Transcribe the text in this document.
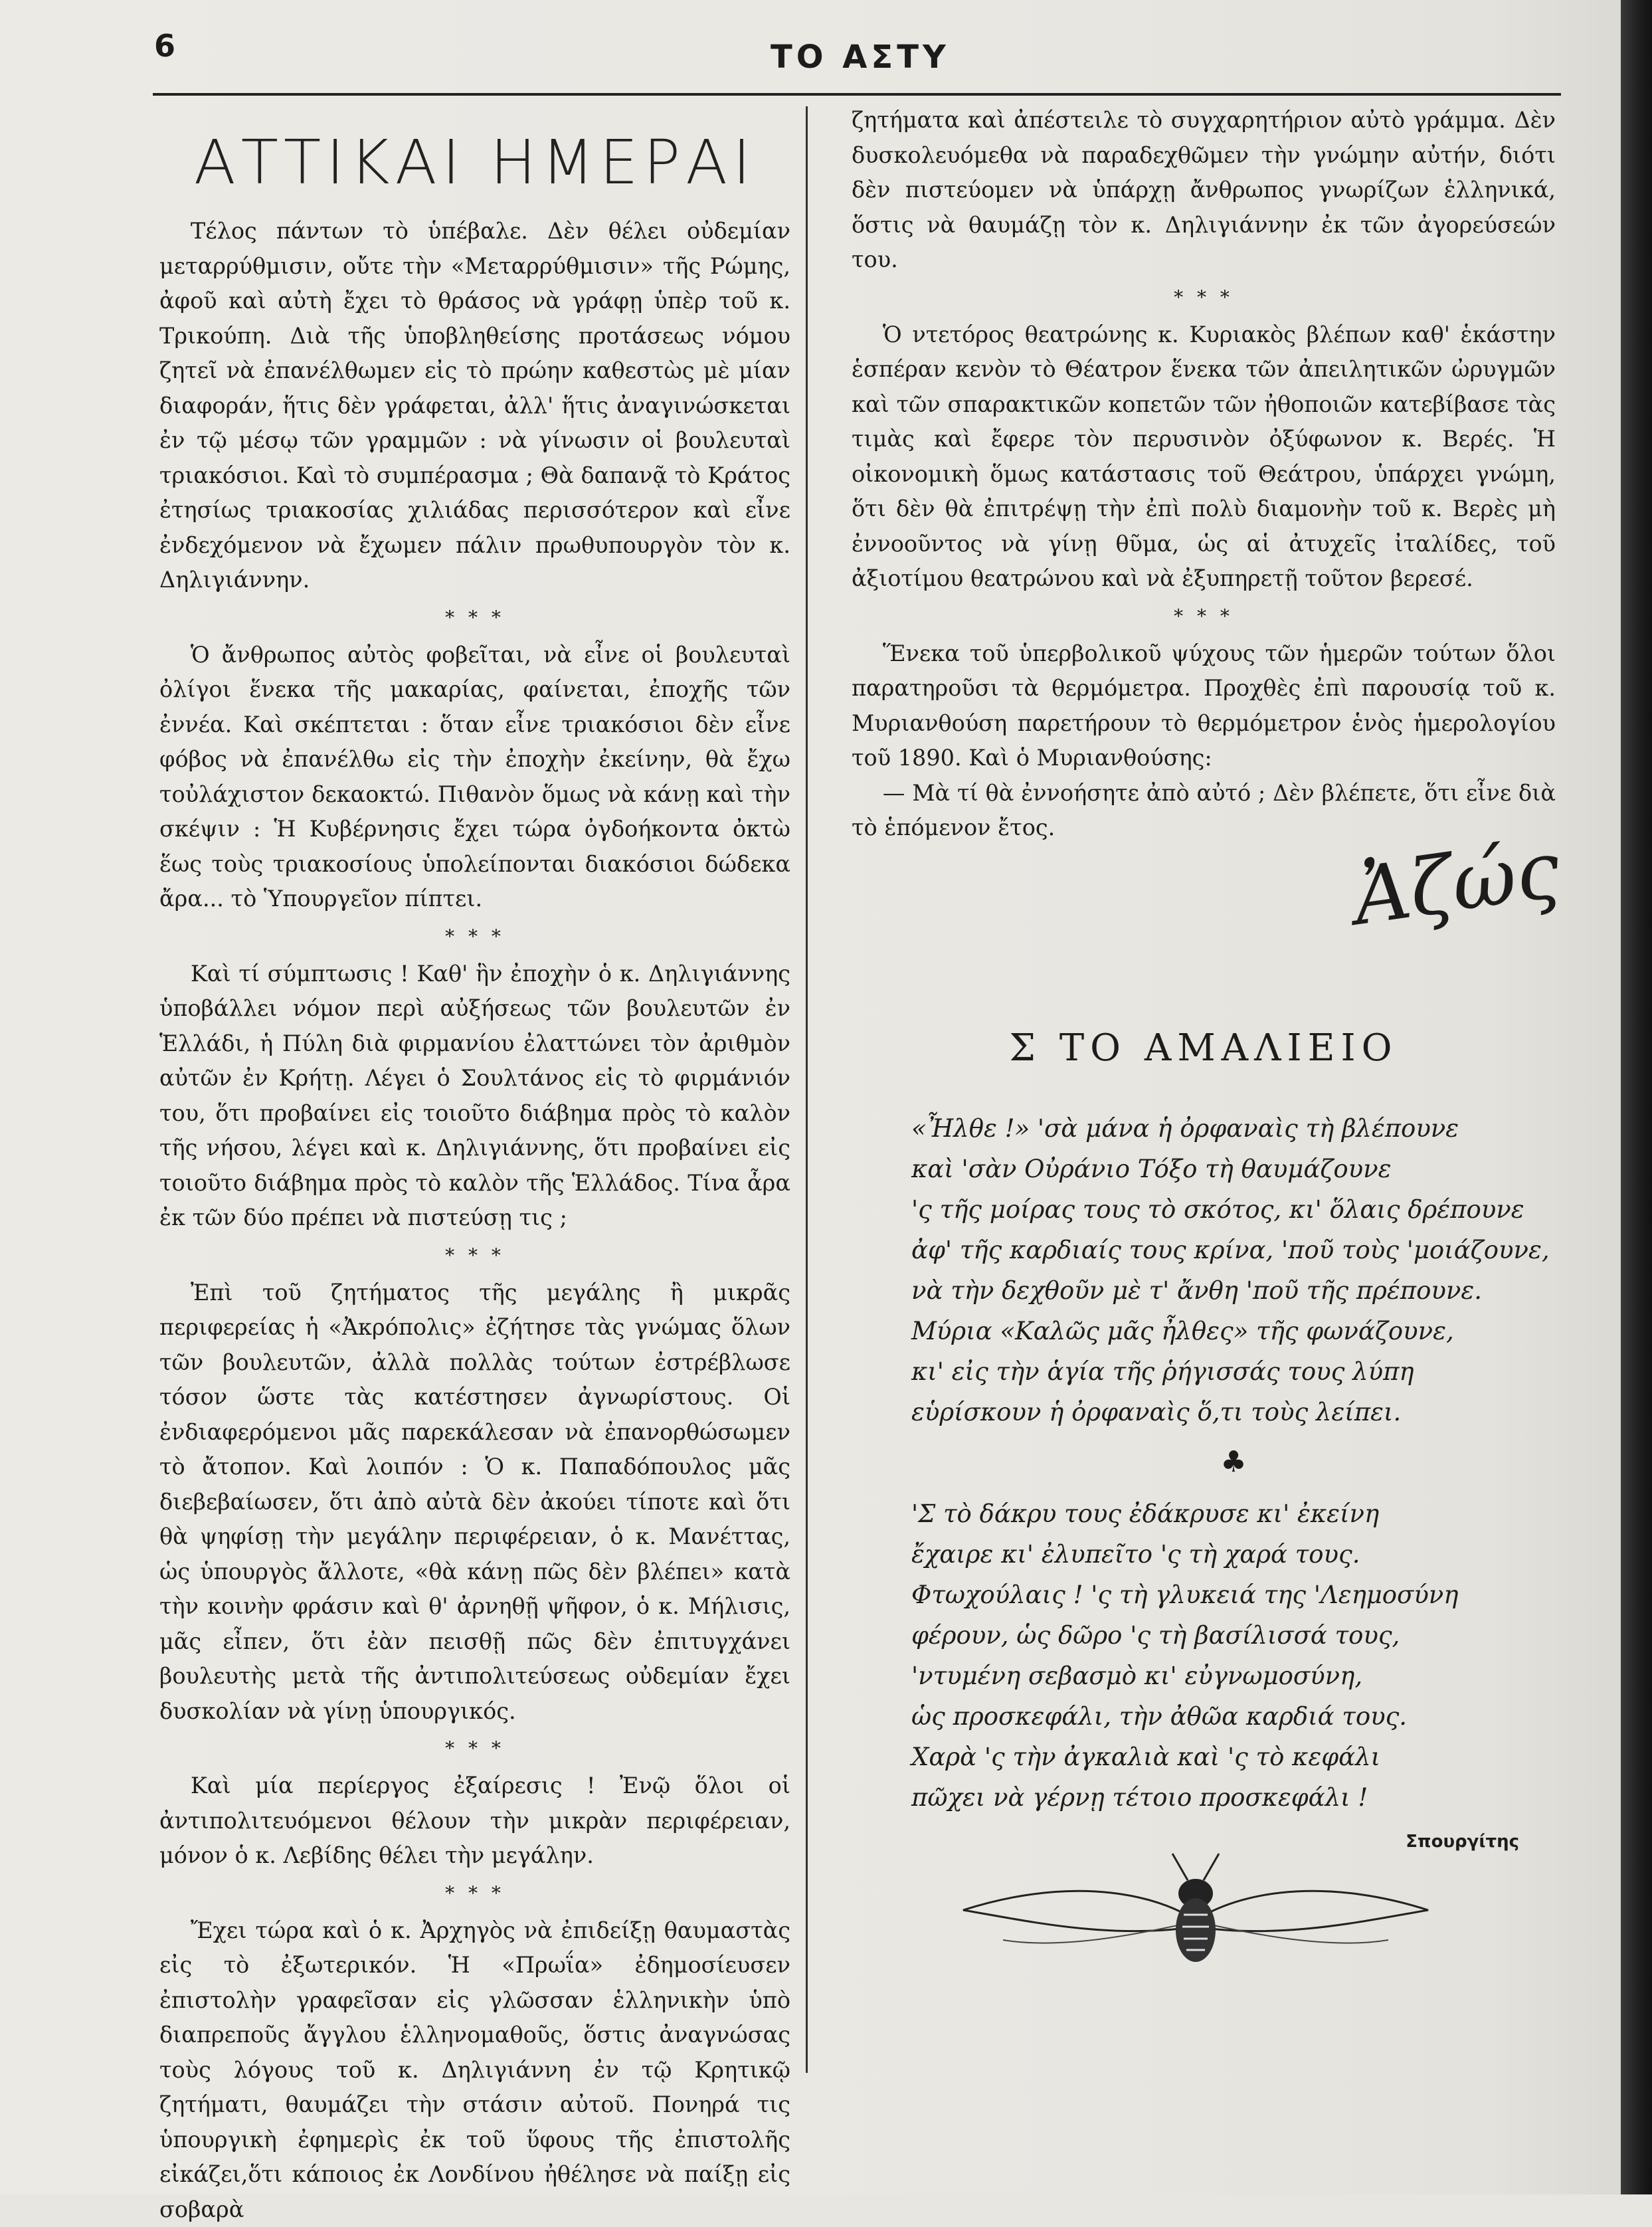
6	ΤΟ ΑΣΤΥ
ΑΤΤΙΚΑΙ ΗΜΕΡΑΙ

Τέλος πάντων τὸ ὑπέβαλε. Δὲν θέλει οὐδεμίαν μεταρρύθμισιν, οὔτε τὴν «Μεταρρύθμισιν» τῆς Ρώμης, ἀφοῦ καὶ αὐτὴ ἔχει τὸ θράσος νὰ γράφῃ ὑπὲρ τοῦ κ. Τρικούπη. Διὰ τῆς ὑποβληθείσης προτάσεως νόμου ζητεῖ νὰ ἐπανέλθωμεν εἰς τὸ πρώην καθεστὼς μὲ μίαν διαφοράν, ἥτις δὲν γράφεται, ἀλλ' ἥτις ἀναγινώσκεται ἐν τῷ μέσῳ τῶν γραμμῶν : νὰ γίνωσιν οἱ βουλευταὶ τριακόσιοι. Καὶ τὸ συμπέρασμα ; Θὰ δαπανᾷ τὸ Κράτος ἐτησίως τριακοσίας χιλιάδας περισσότερον καὶ εἶνε ἐνδεχόμενον νὰ ἔχωμεν πάλιν πρωθυπουργὸν τὸν κ. Δηλιγιάννην.

* * *

Ὁ ἄνθρωπος αὐτὸς φοβεῖται, νὰ εἶνε οἱ βουλευταὶ ὀλίγοι ἕνεκα τῆς μακαρίας, φαίνεται, ἐποχῆς τῶν ἐννέα. Καὶ σκέπτεται : ὅταν εἶνε τριακόσιοι δὲν εἶνε φόβος νὰ ἐπανέλθω εἰς τὴν ἐποχὴν ἐκείνην, θὰ ἔχω τοὐλάχιστον δεκαοκτώ. Πιθανὸν ὅμως νὰ κάνῃ καὶ τὴν σκέψιν : Ἡ Κυβέρνησις ἔχει τώρα ὀγδοήκοντα ὀκτὼ ἕως τοὺς τριακοσίους ὑπολείπονται διακόσιοι δώδεκα ἄρα... τὸ Ὑπουργεῖον πίπτει.

* * *

Καὶ τί σύμπτωσις ! Καθ' ἣν ἐποχὴν ὁ κ. Δηλιγιάννης ὑποβάλλει νόμον περὶ αὐξήσεως τῶν βουλευτῶν ἐν Ἑλλάδι, ἡ Πύλη διὰ φιρμανίου ἐλαττώνει τὸν ἀριθμὸν αὐτῶν ἐν Κρήτῃ. Λέγει ὁ Σουλτάνος εἰς τὸ φιρμάνιόν του, ὅτι προβαίνει εἰς τοιοῦτο διάβημα πρὸς τὸ καλὸν τῆς νήσου, λέγει καὶ κ. Δηλιγιάννης, ὅτι προβαίνει εἰς τοιοῦτο διάβημα πρὸς τὸ καλὸν τῆς Ἑλλάδος. Τίνα ἆρα ἐκ τῶν δύο πρέπει νὰ πιστεύσῃ τις ;

* * *

Ἐπὶ τοῦ ζητήματος τῆς μεγάλης ἢ μικρᾶς περιφερείας ἡ «Ἀκρόπολις» ἐζήτησε τὰς γνώμας ὅλων τῶν βουλευτῶν, ἀλλὰ πολλὰς τούτων ἐστρέβλωσε τόσον ὥστε τὰς κατέστησεν ἀγνωρίστους. Οἱ ἐνδιαφερόμενοι μᾶς παρεκάλεσαν νὰ ἐπανορθώσωμεν τὸ ἄτοπον. Καὶ λοιπόν : Ὁ κ. Παπαδόπουλος μᾶς διεβεβαίωσεν, ὅτι ἀπὸ αὐτὰ δὲν ἀκούει τίποτε καὶ ὅτι θὰ ψηφίσῃ τὴν μεγάλην περιφέρειαν, ὁ κ. Μανέττας, ὡς ὑπουργὸς ἄλλοτε, «θὰ κάνῃ πῶς δὲν βλέπει» κατὰ τὴν κοινὴν φράσιν καὶ θ' ἀρνηθῇ ψῆφον, ὁ κ. Μήλισις, μᾶς εἶπεν, ὅτι ἐὰν πεισθῇ πῶς δὲν ἐπιτυγχάνει βουλευτὴς μετὰ τῆς ἀντιπολιτεύσεως οὐδεμίαν ἔχει δυσκολίαν νὰ γίνῃ ὑπουργικός.

* * *

Καὶ μία περίεργος ἐξαίρεσις ! Ἐνῷ ὅλοι οἱ ἀντιπολιτευόμενοι θέλουν τὴν μικρὰν περιφέρειαν, μόνον ὁ κ. Λεβίδης θέλει τὴν μεγάλην.

* * *

Ἔχει τώρα καὶ ὁ κ. Ἀρχηγὸς νὰ ἐπιδείξῃ θαυμαστὰς εἰς τὸ ἐξωτερικόν. Ἡ «Πρωΐα» ἐδημοσίευσεν ἐπιστολὴν γραφεῖσαν εἰς γλῶσσαν ἑλληνικὴν ὑπὸ διαπρεποῦς ἄγγλου ἑλληνομαθοῦς, ὅστις ἀναγνώσας τοὺς λόγους τοῦ κ. Δηλιγιάννη ἐν τῷ Κρητικῷ ζητήματι, θαυμάζει τὴν στάσιν αὐτοῦ. Πονηρά τις ὑπουργικὴ ἐφημερὶς ἐκ τοῦ ὕφους τῆς ἐπιστολῆς εἰκάζει,ὅτι κάποιος ἐκ Λονδίνου ἠθέλησε νὰ παίξῃ εἰς σοβαρὰ

ζητήματα καὶ ἀπέστειλε τὸ συγχαρητήριον αὐτὸ γράμμα. Δὲν δυσκολευόμεθα νὰ παραδεχθῶμεν τὴν γνώμην αὐτήν, διότι δὲν πιστεύομεν νὰ ὑπάρχῃ ἄνθρωπος γνωρίζων ἑλληνικά, ὅστις νὰ θαυμάζῃ τὸν κ. Δηλιγιάννην ἐκ τῶν ἀγορεύσεών του.

* * *

Ὁ ντετόρος θεατρώνης κ. Κυριακὸς βλέπων καθ' ἑκάστην ἑσπέραν κενὸν τὸ Θέατρον ἕνεκα τῶν ἀπειλητικῶν ὠρυγμῶν καὶ τῶν σπαρακτικῶν κοπετῶν τῶν ἠθοποιῶν κατεβίβασε τὰς τιμὰς καὶ ἔφερε τὸν περυσινὸν ὀξύφωνον κ. Βερές. Ἡ οἰκονομικὴ ὅμως κατάστασις τοῦ Θεάτρου, ὑπάρχει γνώμη, ὅτι δὲν θὰ ἐπιτρέψῃ τὴν ἐπὶ πολὺ διαμονὴν τοῦ κ. Βερὲς μὴ ἐννοοῦντος νὰ γίνῃ θῦμα, ὡς αἱ ἀτυχεῖς ἰταλίδες, τοῦ ἀξιοτίμου θεατρώνου καὶ νὰ ἐξυπηρετῇ τοῦτον βερεσέ.

* * *

Ἕνεκα τοῦ ὑπερβολικοῦ ψύχους τῶν ἡμερῶν τούτων ὅλοι παρατηροῦσι τὰ θερμόμετρα. Προχθὲς ἐπὶ παρουσίᾳ τοῦ κ. Μυριανθούση παρετήρουν τὸ θερμόμετρον ἑνὸς ἡμερολογίου τοῦ 1890. Καὶ ὁ Μυριανθούσης:

— Μὰ τί θὰ ἐννοήσητε ἀπὸ αὐτό ; Δὲν βλέπετε, ὅτι εἶνε διὰ τὸ ἑπόμενον ἔτος.	Ἀζώς
Σ ΤΟ ΑΜΑΛΙΕΙΟ
«Ἦλθε !» 'σὰ μάνα ἡ ὀρφαναὶς τὴ βλέπουνε
καὶ 'σὰν Οὐράνιο Τόξο τὴ θαυμάζουνε
'ς τῆς μοίρας τους τὸ σκότος, κι' ὅλαις δρέπουνε
ἀφ' τῆς καρδιαίς τους κρίνα, 'ποῦ τοὺς 'μοιάζουνε,
νὰ τὴν δεχθοῦν μὲ τ' ἄνθη 'ποῦ τῆς πρέπουνε.
Μύρια «Καλῶς μᾶς ἦλθες» τῆς φωνάζουνε,
κι' εἰς τὴν ἁγία τῆς ῥήγισσάς τους λύπη
εὑρίσκουν ἡ ὀρφαναὶς ὅ,τι τοὺς λείπει.
♣
'Σ τὸ δάκρυ τους ἐδάκρυσε κι' ἐκείνη
ἔχαιρε κι' ἐλυπεῖτο 'ς τὴ χαρά τους.
Φτωχούλαις ! 'ς τὴ γλυκειά της 'Λεημοσύνη
φέρουν, ὡς δῶρο 'ς τὴ βασίλισσά τους,
'ντυμένη σεβασμὸ κι' εὐγνωμοσύνη,
ὡς προσκεφάλι, τὴν ἀθῶα καρδιά τους.
Χαρὰ 'ς τὴν ἀγκαλιὰ καὶ 'ς τὸ κεφάλι
πῶχει νὰ γέρνῃ τέτοιο προσκεφάλι !
Σπουργίτης
